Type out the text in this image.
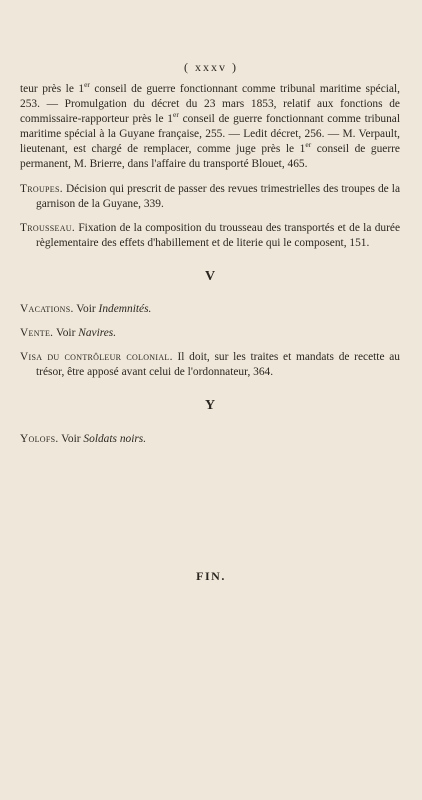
( xxxv )

teur près le 1er conseil de guerre fonctionnant comme tribunal maritime spécial, 253. — Promulgation du décret du 23 mars 1853, relatif aux fonctions de commissaire-rapporteur près le 1er conseil de guerre fonctionnant comme tribunal maritime spécial à la Guyane française, 255. — Ledit décret, 256. — M. Verpault, lieutenant, est chargé de remplacer, comme juge près le 1er conseil de guerre permanent, M. Brierre, dans l'affaire du transporté Blouet, 465.

Troupes. Décision qui prescrit de passer des revues trimestrielles des troupes de la garnison de la Guyane, 339.

Trousseau. Fixation de la composition du trousseau des transportés et de la durée règlementaire des effets d'habillement et de literie qui le composent, 151.

V

Vacations. Voir Indemnités.

Vente. Voir Navires.

Visa du contrôleur colonial. Il doit, sur les traites et mandats de recette au trésor, être apposé avant celui de l'ordonnateur, 364.

Y

Yolofs. Voir Soldats noirs.

FIN.
